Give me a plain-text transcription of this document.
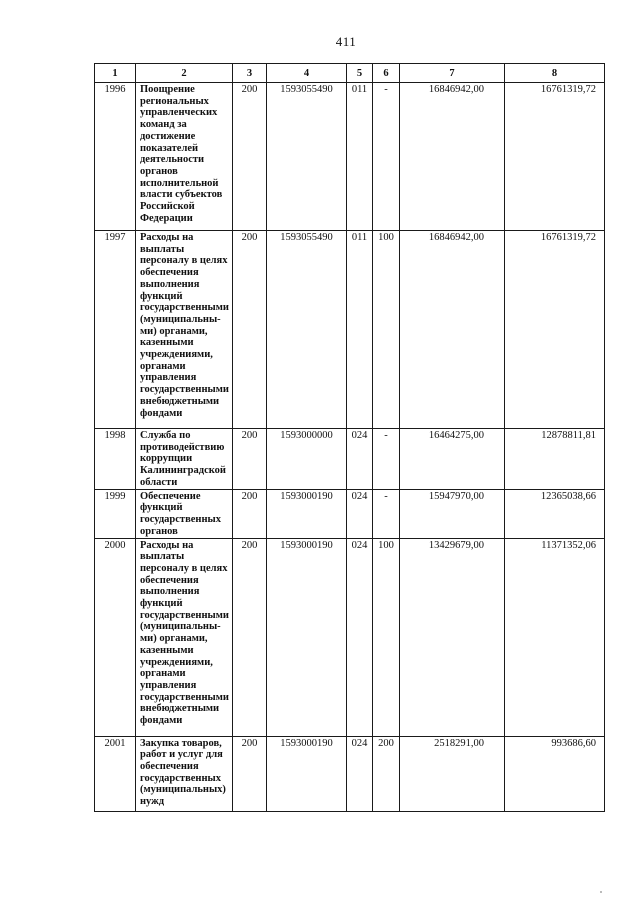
411
1	2	3	4	5	6	7	8
1996	Поощрение региональных управленческих команд за достижение показателей деятельности органов исполнительной власти субъектов Российской Федерации	200	1593055490	011	-	16846942,00	16761319,72
1997	Расходы на выплаты персоналу в целях обеспечения выполнения функций государственными (муниципальны-ми) органами, казенными учреждениями, органами управления государственными внебюджетными фондами	200	1593055490	011	100	16846942,00	16761319,72
1998	Служба по противодействию коррупции Калининградской области	200	1593000000	024	-	16464275,00	12878811,81
1999	Обеспечение функций государственных органов	200	1593000190	024	-	15947970,00	12365038,66
2000	Расходы на выплаты персоналу в целях обеспечения выполнения функций государственными (муниципальны-ми) органами, казенными учреждениями, органами управления государственными внебюджетными фондами	200	1593000190	024	100	13429679,00	11371352,06
2001	Закупка товаров, работ и услуг для обеспечения государственных (муниципальных) нужд	200	1593000190	024	200	2518291,00	993686,60
